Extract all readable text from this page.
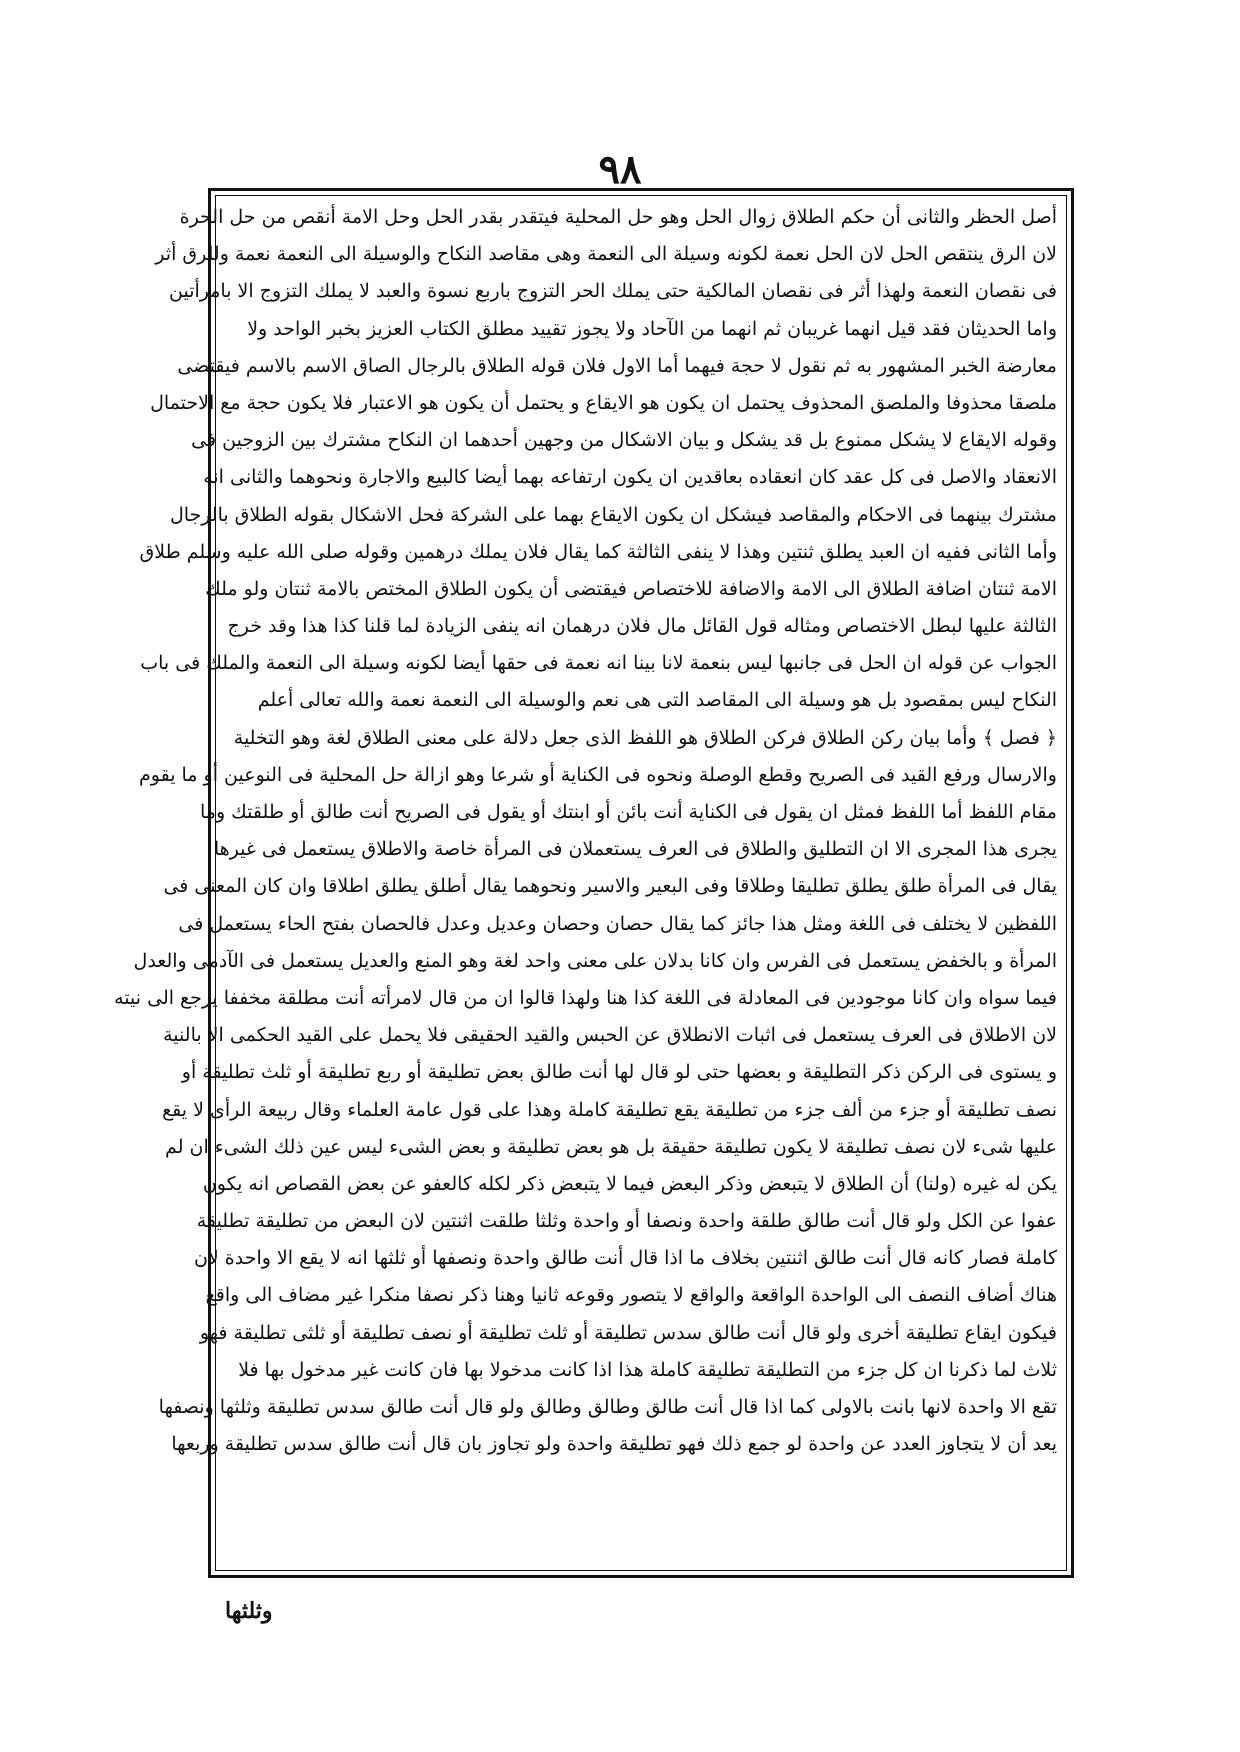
٩٨
أصل الحظر والثانى أن حكم الطلاق زوال الحل وهو حل المحلية فيتقدر بقدر الحل وحل الامة أنقص من حل الحرة
لان الرق ينتقص الحل لان الحل نعمة لكونه وسيلة الى النعمة وهى مقاصد النكاح والوسيلة الى النعمة نعمة وللرق أثر
فى نقصان النعمة ولهذا أثر فى نقصان المالكية حتى يملك الحر التزوج باربع نسوة والعبد لا يملك التزوج الا بامرأتين
واما الحديثان فقد قيل انهما غريبان ثم انهما من الآحاد ولا يجوز تقييد مطلق الكتاب العزيز بخبر الواحد ولا
معارضة الخبر المشهور به ثم نقول لا حجة فيهما أما الاول فلان قوله الطلاق بالرجال الصاق الاسم بالاسم فيقتضى
ملصقا محذوفا والملصق المحذوف يحتمل ان يكون هو الايقاع و يحتمل أن يكون هو الاعتبار فلا يكون حجة مع الاحتمال
وقوله الايقاع لا يشكل ممنوع بل قد يشكل و بيان الاشكال من وجهين أحدهما ان النكاح مشترك بين الزوجين فى
الانعقاد والاصل فى كل عقد كان انعقاده بعاقدين ان يكون ارتفاعه بهما أيضا كالبيع والاجارة ونحوهما والثانى انه
مشترك بينهما فى الاحكام والمقاصد فيشكل ان يكون الايقاع بهما على الشركة فحل الاشكال بقوله الطلاق بالرجال
وأما الثانى ففيه ان العبد يطلق ثنتين وهذا لا ينفى الثالثة كما يقال فلان يملك درهمين وقوله صلى الله عليه وسلم طلاق
الامة ثنتان اضافة الطلاق الى الامة والاضافة للاختصاص فيقتضى أن يكون الطلاق المختص بالامة ثنتان ولو ملك
الثالثة عليها لبطل الاختصاص ومثاله قول القائل مال فلان درهمان انه ينفى الزيادة لما قلنا كذا هذا وقد خرج
الجواب عن قوله ان الحل فى جانبها ليس بنعمة لانا بينا انه نعمة فى حقها أيضا لكونه وسيلة الى النعمة والملك فى باب
النكاح ليس بمقصود بل هو وسيلة الى المقاصد التى هى نعم والوسيلة الى النعمة نعمة والله تعالى أعلم
﴿ فصل ﴾ وأما بيان ركن الطلاق فركن الطلاق هو اللفظ الذى جعل دلالة على معنى الطلاق لغة وهو التخلية
والارسال ورفع القيد فى الصريح وقطع الوصلة ونحوه فى الكناية أو شرعا وهو ازالة حل المحلية فى النوعين أو ما يقوم
مقام اللفظ أما اللفظ فمثل ان يقول فى الكناية أنت بائن أو ابنتك أو يقول فى الصريح أنت طالق أو طلقتك وما
يجرى هذا المجرى الا ان التطليق والطلاق فى العرف يستعملان فى المرأة خاصة والاطلاق يستعمل فى غيرها
يقال فى المرأة طلق يطلق تطليقا وطلاقا وفى البعير والاسير ونحوهما يقال أطلق يطلق اطلاقا وان كان المعنى فى
اللفظين لا يختلف فى اللغة ومثل هذا جائز كما يقال حصان وحصان وعديل وعدل فالحصان بفتح الحاء يستعمل فى
المرأة و بالخفض يستعمل فى الفرس وان كانا بدلان على معنى واحد لغة وهو المنع والعديل يستعمل فى الآدمى والعدل
فيما سواه وان كانا موجودين فى المعادلة فى اللغة كذا هنا ولهذا قالوا ان من قال لامرأته أنت مطلقة مخففا يرجع الى نيته
لان الاطلاق فى العرف يستعمل فى اثبات الانطلاق عن الحبس والقيد الحقيقى فلا يحمل على القيد الحكمى الا بالنية
و يستوى فى الركن ذكر التطليقة و بعضها حتى لو قال لها أنت طالق بعض تطليقة أو ربع تطليقة أو ثلث تطليقة أو
نصف تطليقة أو جزء من ألف جزء من تطليقة يقع تطليقة كاملة وهذا على قول عامة العلماء وقال ربيعة الرأى لا يقع
عليها شىء لان نصف تطليقة لا يكون تطليقة حقيقة بل هو بعض تطليقة و بعض الشىء ليس عين ذلك الشىء ان لم
يكن له غيره (ولنا) أن الطلاق لا يتبعض وذكر البعض فيما لا يتبعض ذكر لكله كالعفو عن بعض القصاص انه يكون
عفوا عن الكل ولو قال أنت طالق طلقة واحدة ونصفا أو واحدة وثلثا طلقت اثنتين لان البعض من تطليقة تطليقة
كاملة فصار كانه قال أنت طالق اثنتين بخلاف ما اذا قال أنت طالق واحدة ونصفها أو ثلثها انه لا يقع الا واحدة لان
هناك أضاف النصف الى الواحدة الواقعة والواقع لا يتصور وقوعه ثانيا وهنا ذكر نصفا منكرا غير مضاف الى واقع
فيكون ايقاع تطليقة أخرى ولو قال أنت طالق سدس تطليقة أو ثلث تطليقة أو نصف تطليقة أو ثلثى تطليقة فهو
ثلاث لما ذكرنا ان كل جزء من التطليقة تطليقة كاملة هذا اذا كانت مدخولا بها فان كانت غير مدخول بها فلا
تقع الا واحدة لانها بانت بالاولى كما اذا قال أنت طالق وطالق وطالق ولو قال أنت طالق سدس تطليقة وثلثها ونصفها
يعد أن لا يتجاوز العدد عن واحدة لو جمع ذلك فهو تطليقة واحدة ولو تجاوز بان قال أنت طالق سدس تطليقة وربعها
وثلثها
